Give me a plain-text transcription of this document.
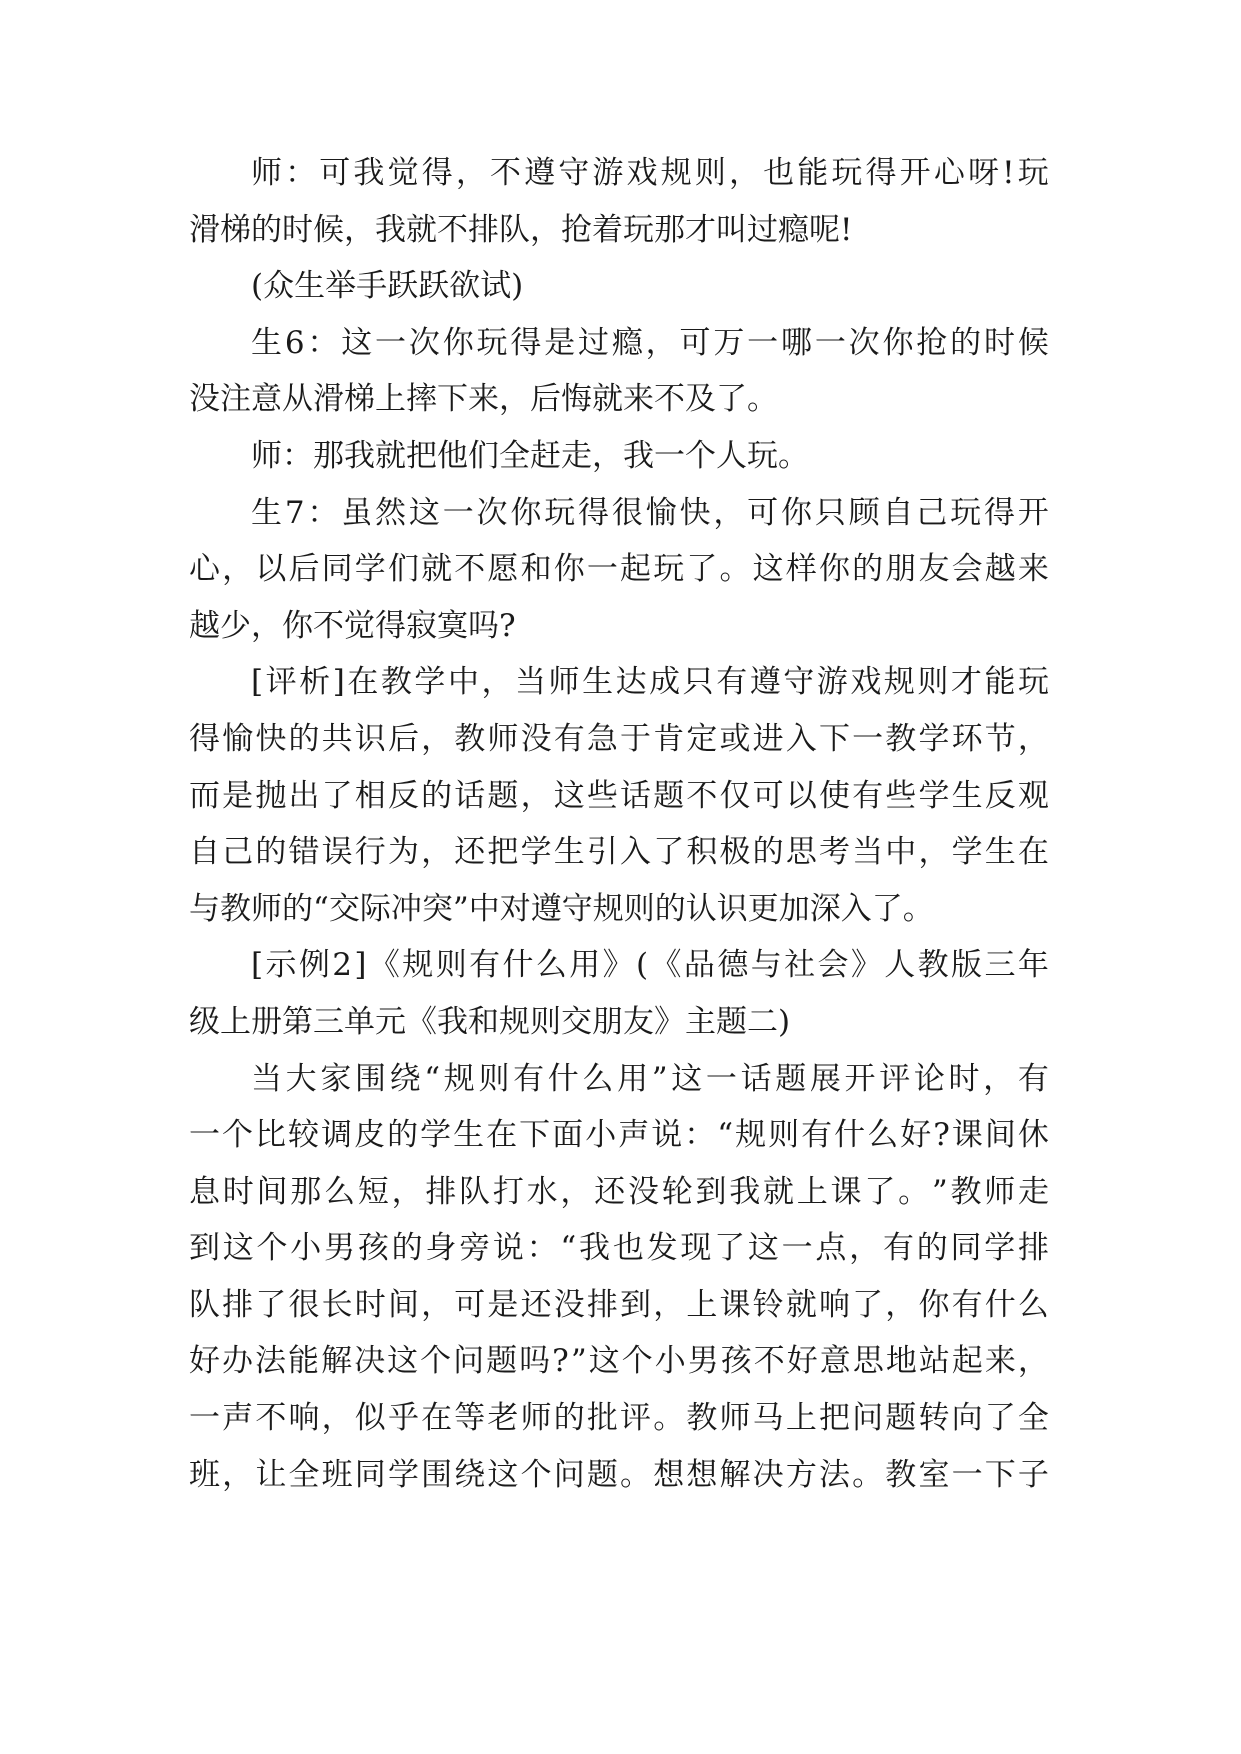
师 ： 可 我 觉 得 ， 不 遵 守 游 戏 规 则 ， 也 能 玩 得 开 心 呀 ! 玩
滑梯的时候，我就不排队，抢着玩那才叫过瘾呢!
(众生举手跃跃欲试)
生 6 ： 这 一 次 你 玩 得 是 过 瘾 ， 可 万 一 哪 一 次 你 抢 的 时 候
没注意从滑梯上摔下来，后悔就来不及了。
师：那我就把他们全赶走，我一个人玩。
生 7 ： 虽 然 这 一 次 你 玩 得 很 愉 快 ， 可 你 只 顾 自 己 玩 得 开
心 ， 以 后 同 学 们 就 不 愿 和 你 一 起 玩 了 。 这 样 你 的 朋 友 会 越 来
越少，你不觉得寂寞吗?
[ 评 析 ] 在 教 学 中 ， 当 师 生 达 成 只 有 遵 守 游 戏 规 则 才 能 玩
得 愉 快 的 共 识 后 ， 教 师 没 有 急 于 肯 定 或 进 入 下 一 教 学 环 节 ，
而 是 抛 出 了 相 反 的 话 题 ， 这 些 话 题 不 仅 可 以 使 有 些 学 生 反 观
自 己 的 错 误 行 为 ， 还 把 学 生 引 入 了 积 极 的 思 考 当 中 ， 学 生 在
与教师的“交际冲突”中对遵守规则的认识更加深入了。
[ 示 例 2 ] 《 规 则 有 什 么 用 》 ( 《 品 德 与 社 会 》 人 教 版 三 年
级上册第三单元《我和规则交朋友》主题二)
当 大 家 围 绕 “ 规 则 有 什 么 用 ” 这 一 话 题 展 开 评 论 时 ， 有
一 个 比 较 调 皮 的 学 生 在 下 面 小 声 说 ： “ 规 则 有 什 么 好 ? 课 间 休
息 时 间 那 么 短 ， 排 队 打 水 ， 还 没 轮 到 我 就 上 课 了 。 ” 教 师 走
到 这 个 小 男 孩 的 身 旁 说 ： “ 我 也 发 现 了 这 一 点 ， 有 的 同 学 排
队 排 了 很 长 时 间 ， 可 是 还 没 排 到 ， 上 课 铃 就 响 了 ， 你 有 什 么
好 办 法 能 解 决 这 个 问 题 吗 ? ” 这 个 小 男 孩 不 好 意 思 地 站 起 来 ，
一 声 不 响 ， 似 乎 在 等 老 师 的 批 评 。 教 师 马 上 把 问 题 转 向 了 全
班 ， 让 全 班 同 学 围 绕 这 个 问 题 。 想 想 解 决 方 法 。 教 室 一 下 子
